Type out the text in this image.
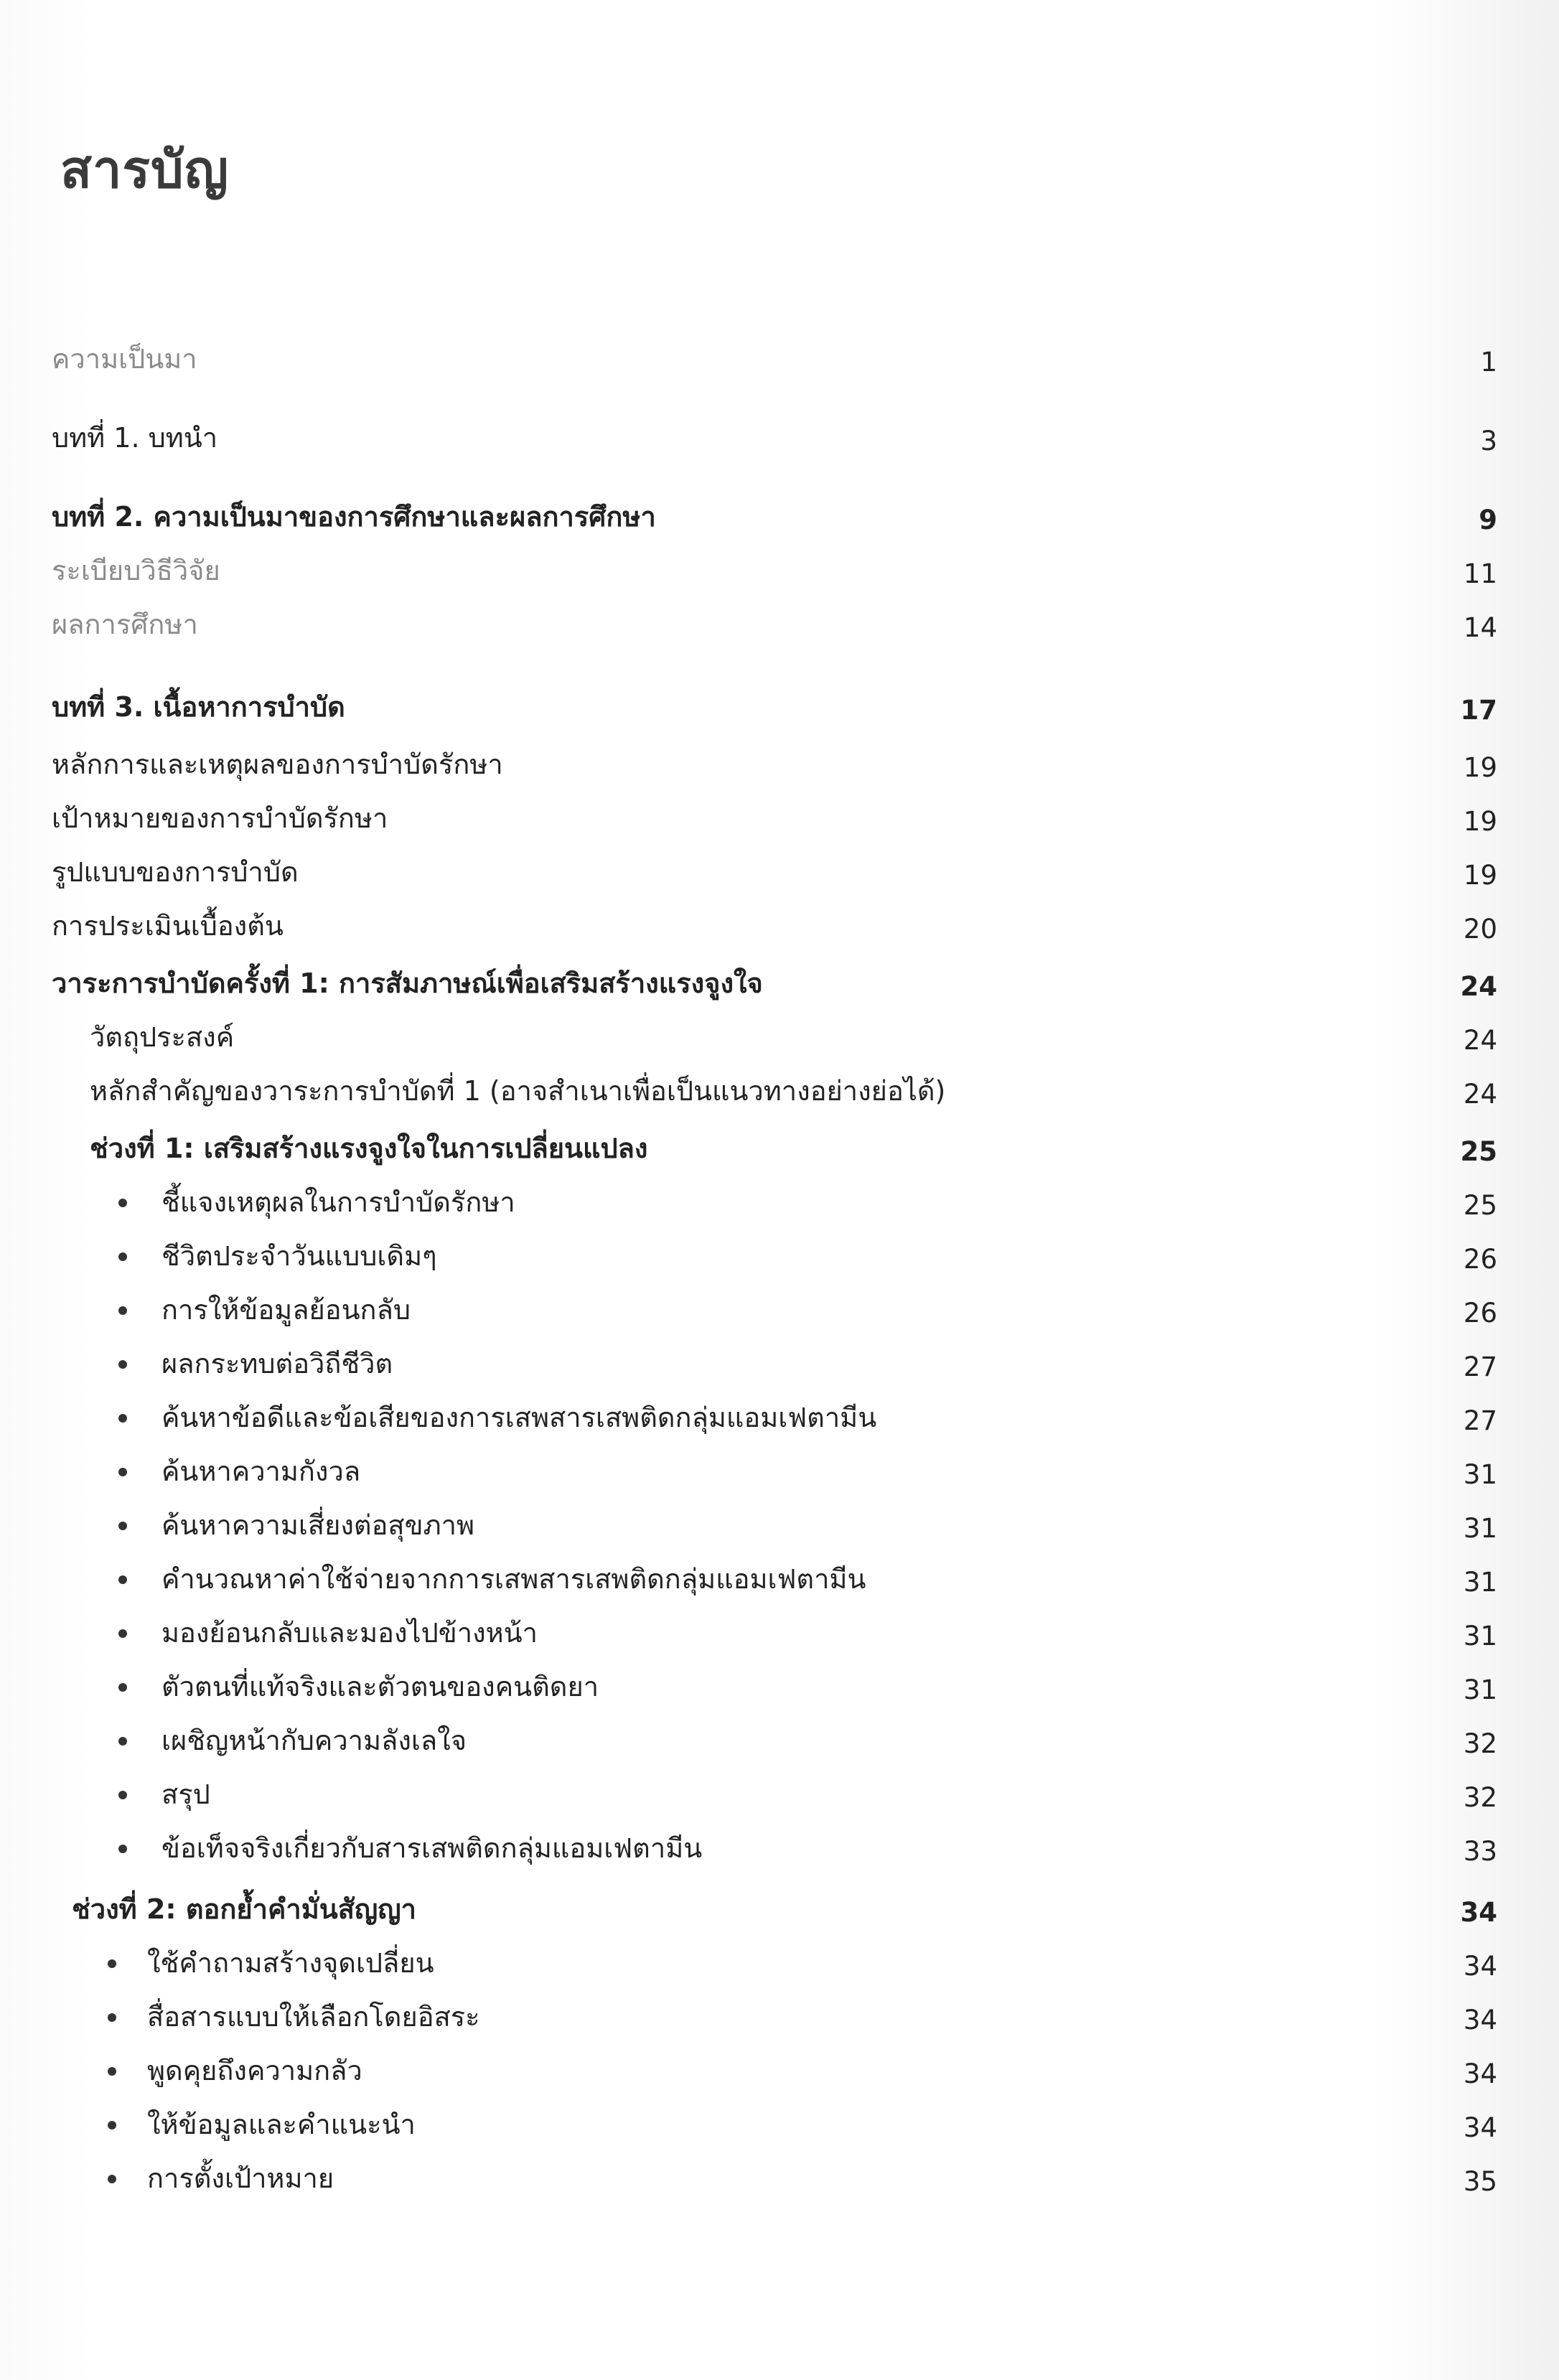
สารบัญ
ความเป็นมา	1
บทที่ 1. บทนำ	3
บทที่ 2. ความเป็นมาของการศึกษาและผลการศึกษา	9
ระเบียบวิธีวิจัย	11
ผลการศึกษา	14
บทที่ 3. เนื้อหาการบำบัด	17
หลักการและเหตุผลของการบำบัดรักษา	19
เป้าหมายของการบำบัดรักษา	19
รูปแบบของการบำบัด	19
การประเมินเบื้องต้น	20
วาระการบำบัดครั้งที่ 1: การสัมภาษณ์เพื่อเสริมสร้างแรงจูงใจ	24
วัตถุประสงค์	24
หลักสำคัญของวาระการบำบัดที่ 1 (อาจสำเนาเพื่อเป็นแนวทางอย่างย่อได้)	24
ช่วงที่ 1: เสริมสร้างแรงจูงใจในการเปลี่ยนแปลง	25
ชี้แจงเหตุผลในการบำบัดรักษา	25
ชีวิตประจำวันแบบเดิมๆ	26
การให้ข้อมูลย้อนกลับ	26
ผลกระทบต่อวิถีชีวิต	27
ค้นหาข้อดีและข้อเสียของการเสพสารเสพติดกลุ่มแอมเฟตามีน	27
ค้นหาความกังวล	31
ค้นหาความเสี่ยงต่อสุขภาพ	31
คำนวณหาค่าใช้จ่ายจากการเสพสารเสพติดกลุ่มแอมเฟตามีน	31
มองย้อนกลับและมองไปข้างหน้า	31
ตัวตนที่แท้จริงและตัวตนของคนติดยา	31
เผชิญหน้ากับความลังเลใจ	32
สรุป	32
ข้อเท็จจริงเกี่ยวกับสารเสพติดกลุ่มแอมเฟตามีน	33
ช่วงที่ 2: ตอกย้ำคำมั่นสัญญา	34
ใช้คำถามสร้างจุดเปลี่ยน	34
สื่อสารแบบให้เลือกโดยอิสระ	34
พูดคุยถึงความกลัว	34
ให้ข้อมูลและคำแนะนำ	34
การตั้งเป้าหมาย	35
